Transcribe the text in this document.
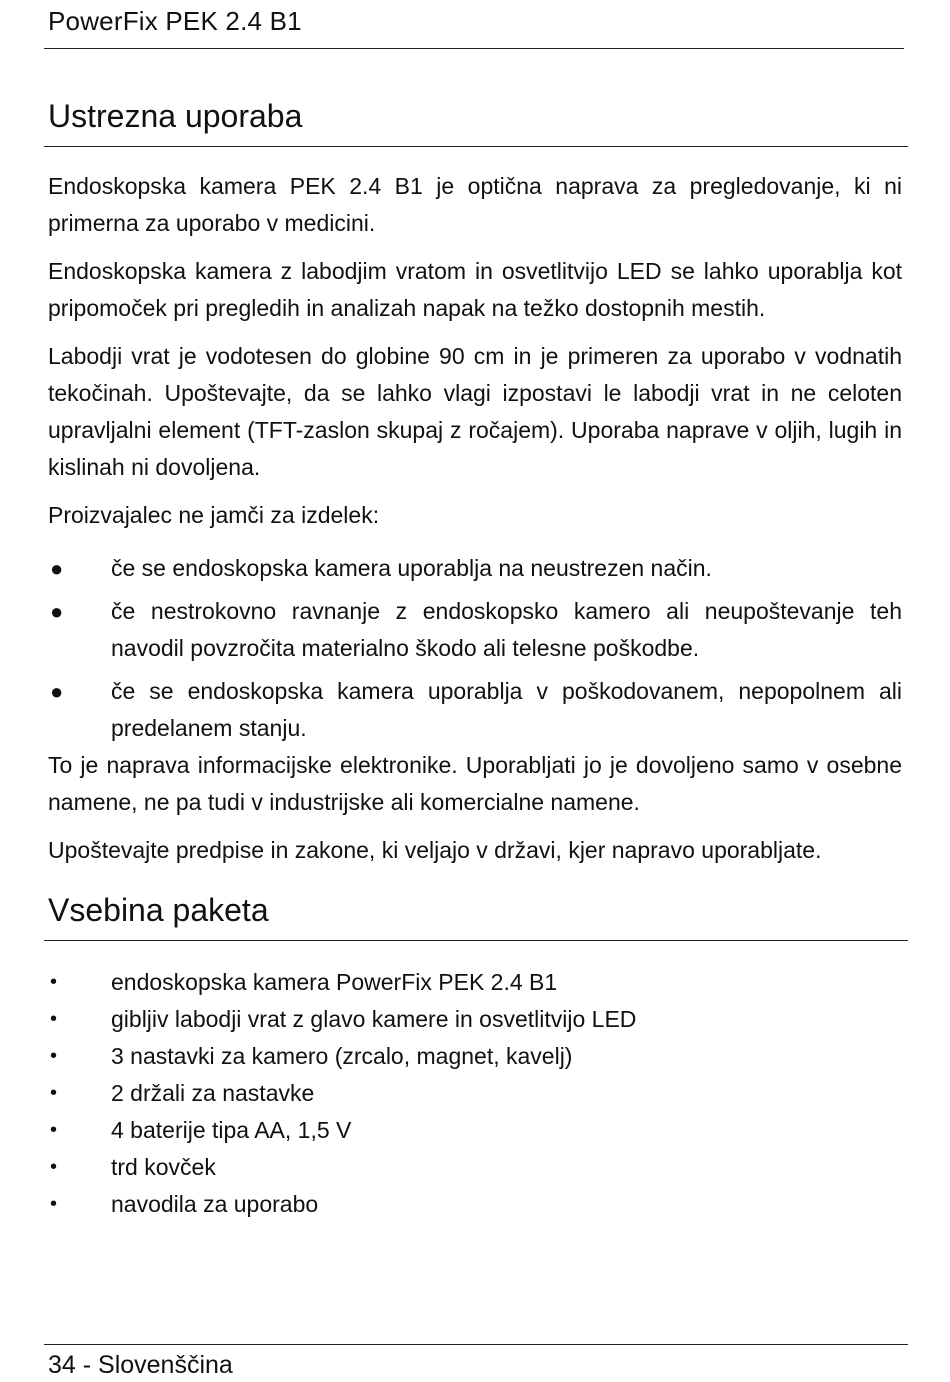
PowerFix PEK 2.4 B1
Ustrezna uporaba

Endoskopska kamera PEK 2.4 B1 je optična naprava za pregledovanje, ki ni primerna za uporabo v medicini.

Endoskopska kamera z labodjim vratom in osvetlitvijo LED se lahko uporablja kot pripomoček pri pregledih in analizah napak na težko dostopnih mestih.

Labodji vrat je vodotesen do globine 90 cm in je primeren za uporabo v vodnatih tekočinah. Upoštevajte, da se lahko vlagi izpostavi le labodji vrat in ne celoten upravljalni element (TFT-zaslon skupaj z ročajem). Uporaba naprave v oljih, lugih in kislinah ni dovoljena.

Proizvajalec ne jamči za izdelek:

● če se endoskopska kamera uporablja na neustrezen način.
● če nestrokovno ravnanje z endoskopsko kamero ali neupoštevanje teh navodil povzročita materialno škodo ali telesne poškodbe.
● če se endoskopska kamera uporablja v poškodovanem, nepopolnem ali predelanem stanju.

To je naprava informacijske elektronike. Uporabljati jo je dovoljeno samo v osebne namene, ne pa tudi v industrijske ali komercialne namene.

Upoštevajte predpise in zakone, ki veljajo v državi, kjer napravo uporabljate.

Vsebina paketa
• endoskopska kamera PowerFix PEK 2.4 B1
• gibljiv labodji vrat z glavo kamere in osvetlitvijo LED
• 3 nastavki za kamero (zrcalo, magnet, kavelj)
• 2 držali za nastavke
• 4 baterije tipa AA, 1,5 V
• trd kovček
• navodila za uporabo
34 - Slovenščina
